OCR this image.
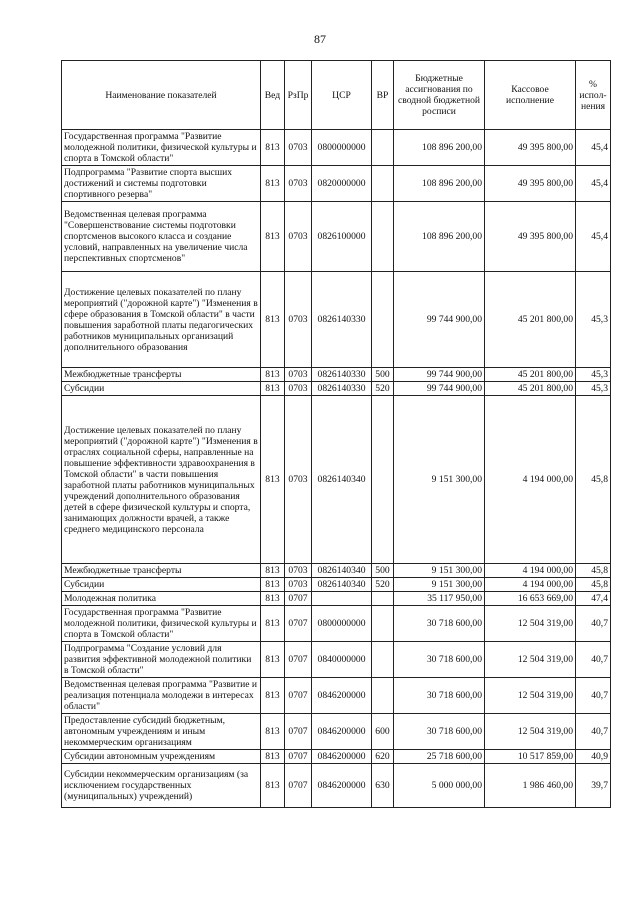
87
Наименование показателей	Вед	РзПр	ЦСР	ВР	Бюджетные ассигнования по сводной бюджетной росписи	Кассовое исполнение	% испол-нения
Государственная программа "Развитие молодежной политики, физической культуры и спорта в Томской области"	813	0703	0800000000		108 896 200,00	49 395 800,00	45,4
Подпрограмма "Развитие спорта высших достижений и системы подготовки спортивного резерва"	813	0703	0820000000		108 896 200,00	49 395 800,00	45,4
Ведомственная целевая программа "Совершенствование системы подготовки спортсменов высокого класса и создание условий, направленных на увеличение числа перспективных спортсменов"	813	0703	0826100000		108 896 200,00	49 395 800,00	45,4
Достижение целевых показателей по плану мероприятий ("дорожной карте") "Изменения в сфере образования в Томской области" в части повышения заработной платы педагогических работников муниципальных организаций дополнительного образования	813	0703	0826140330		99 744 900,00	45 201 800,00	45,3
Межбюджетные трансферты	813	0703	0826140330	500	99 744 900,00	45 201 800,00	45,3
Субсидии	813	0703	0826140330	520	99 744 900,00	45 201 800,00	45,3
Достижение целевых показателей по плану мероприятий ("дорожной карте") "Изменения в отраслях социальной сферы, направленные на повышение эффективности здравоохранения в Томской области" в части повышения заработной платы работников муниципальных учреждений дополнительного образования детей в сфере физической культуры и спорта, занимающих должности врачей, а также среднего медицинского персонала	813	0703	0826140340		9 151 300,00	4 194 000,00	45,8
Межбюджетные трансферты	813	0703	0826140340	500	9 151 300,00	4 194 000,00	45,8
Субсидии	813	0703	0826140340	520	9 151 300,00	4 194 000,00	45,8
Молодежная политика	813	0707			35 117 950,00	16 653 669,00	47,4
Государственная программа "Развитие молодежной политики, физической культуры и спорта в Томской области"	813	0707	0800000000		30 718 600,00	12 504 319,00	40,7
Подпрограмма "Создание условий для развития эффективной молодежной политики в Томской области"	813	0707	0840000000		30 718 600,00	12 504 319,00	40,7
Ведомственная целевая программа "Развитие и реализация потенциала молодежи в интересах области"	813	0707	0846200000		30 718 600,00	12 504 319,00	40,7
Предоставление субсидий бюджетным, автономным учреждениям и иным некоммерческим организациям	813	0707	0846200000	600	30 718 600,00	12 504 319,00	40,7
Субсидии автономным учреждениям	813	0707	0846200000	620	25 718 600,00	10 517 859,00	40,9
Субсидии некоммерческим организациям (за исключением государственных (муниципальных) учреждений)	813	0707	0846200000	630	5 000 000,00	1 986 460,00	39,7
